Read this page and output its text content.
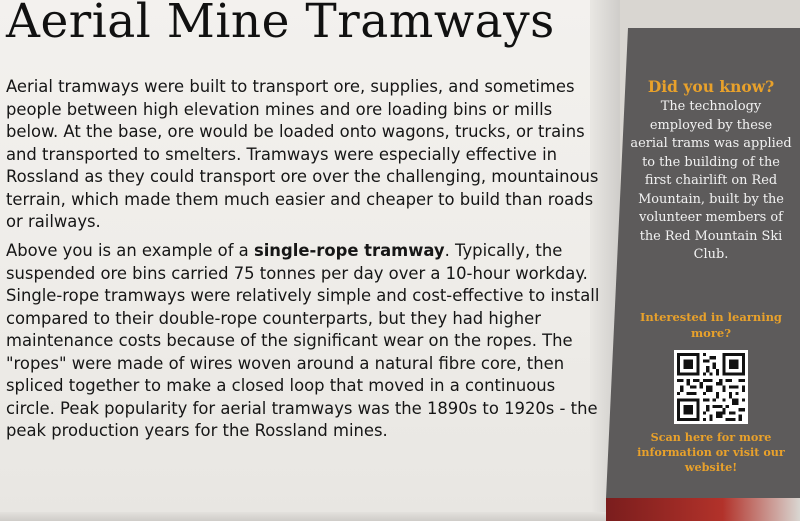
Aerial Mine Tramways

Aerial tramways were built to transport ore, supplies, and sometimes people between high elevation mines and ore loading bins or mills below. At the base, ore would be loaded onto wagons, trucks, or trains and transported to smelters. Tramways were especially effective in Rossland as they could transport ore over the challenging, mountainous terrain, which made them much easier and cheaper to build than roads or railways.

Above you is an example of a single-rope tramway. Typically, the suspended ore bins carried 75 tonnes per day over a 10-hour workday. Single-rope tramways were relatively simple and cost-effective to install compared to their double-rope counterparts, but they had higher maintenance costs because of the significant wear on the ropes. The "ropes" were made of wires woven around a natural fibre core, then spliced together to make a closed loop that moved in a continuous circle. Peak popularity for aerial tramways was the 1890s to 1920s - the peak production years for the Rossland mines.

Did you know?
The technology employed by these aerial trams was applied to the building of the first chairlift on Red Mountain, built by the volunteer members of the Red Mountain Ski Club.
Interested in learning more?
Scan here for more information or visit our website!
